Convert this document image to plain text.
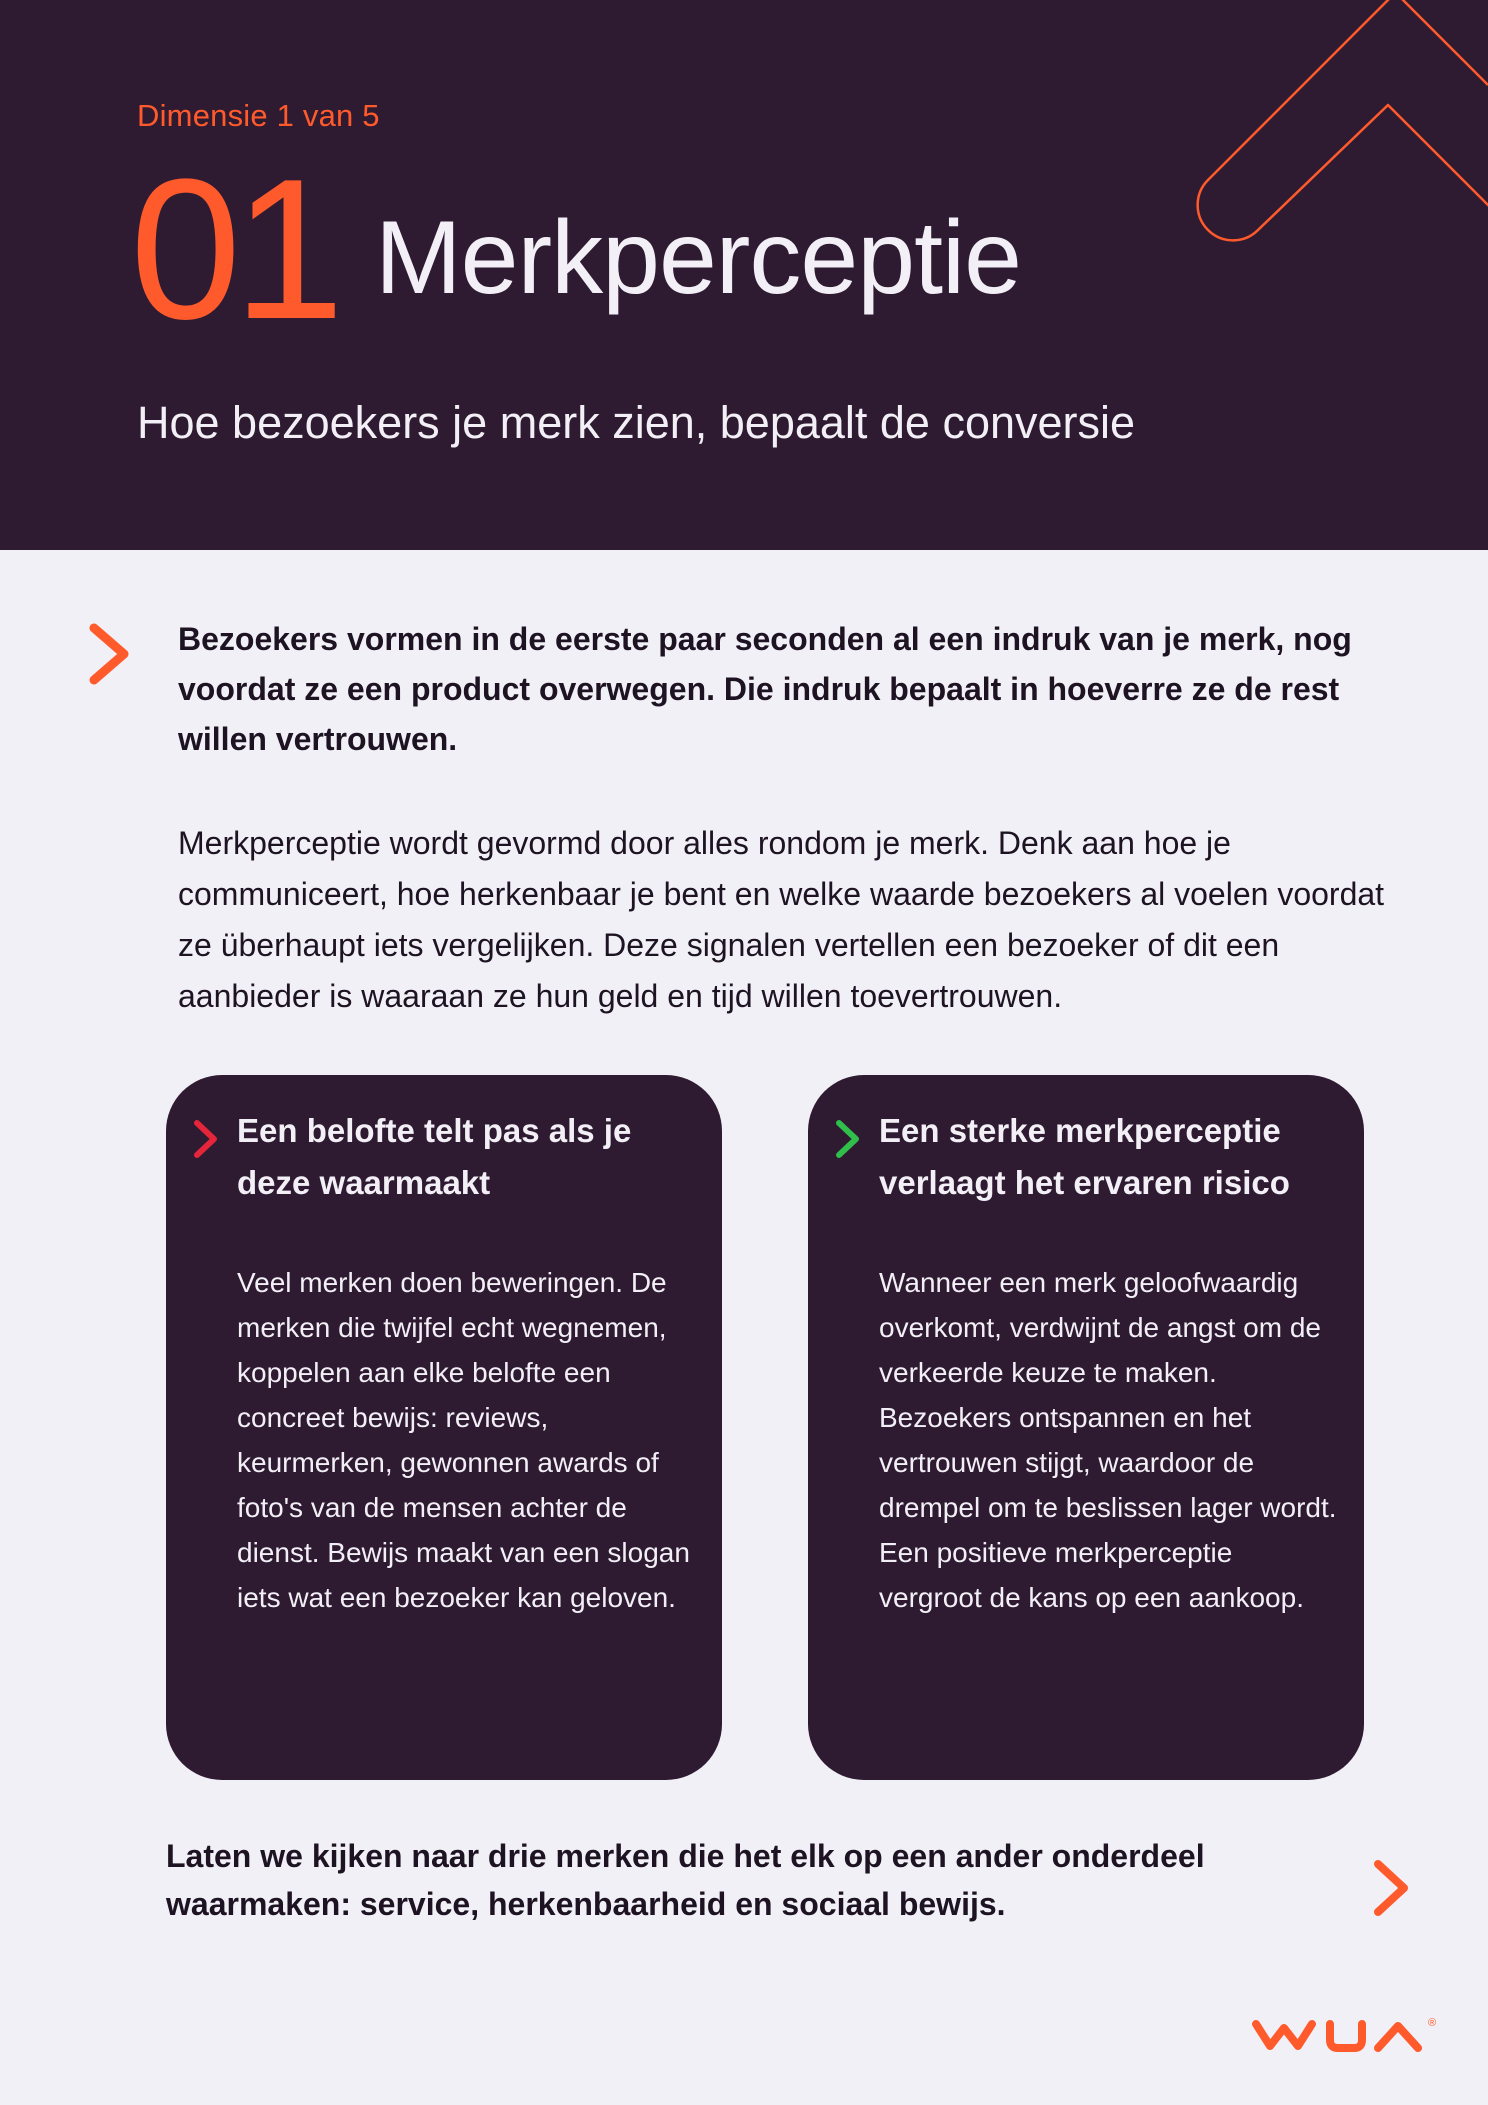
Dimensie 1 van 5
01 Merkperceptie
Hoe bezoekers je merk zien, bepaalt de conversie
Bezoekers vormen in de eerste paar seconden al een indruk van je merk, nog voordat ze een product overwegen. Die indruk bepaalt in hoeverre ze de rest willen vertrouwen.
Merkperceptie wordt gevormd door alles rondom je merk. Denk aan hoe je communiceert, hoe herkenbaar je bent en welke waarde bezoekers al voelen voordat ze überhaupt iets vergelijken. Deze signalen vertellen een bezoeker of dit een aanbieder is waaraan ze hun geld en tijd willen toevertrouwen.
Een belofte telt pas als je deze waarmaakt
Veel merken doen beweringen. De merken die twijfel echt wegnemen, koppelen aan elke belofte een concreet bewijs: reviews, keurmerken, gewonnen awards of foto's van de mensen achter de dienst. Bewijs maakt van een slogan iets wat een bezoeker kan geloven.
Een sterke merkperceptie verlaagt het ervaren risico
Wanneer een merk geloofwaardig overkomt, verdwijnt de angst om de verkeerde keuze te maken. Bezoekers ontspannen en het vertrouwen stijgt, waardoor de drempel om te beslissen lager wordt. Een positieve merkperceptie vergroot de kans op een aankoop.
Laten we kijken naar drie merken die het elk op een ander onderdeel waarmaken: service, herkenbaarheid en sociaal bewijs.
®
